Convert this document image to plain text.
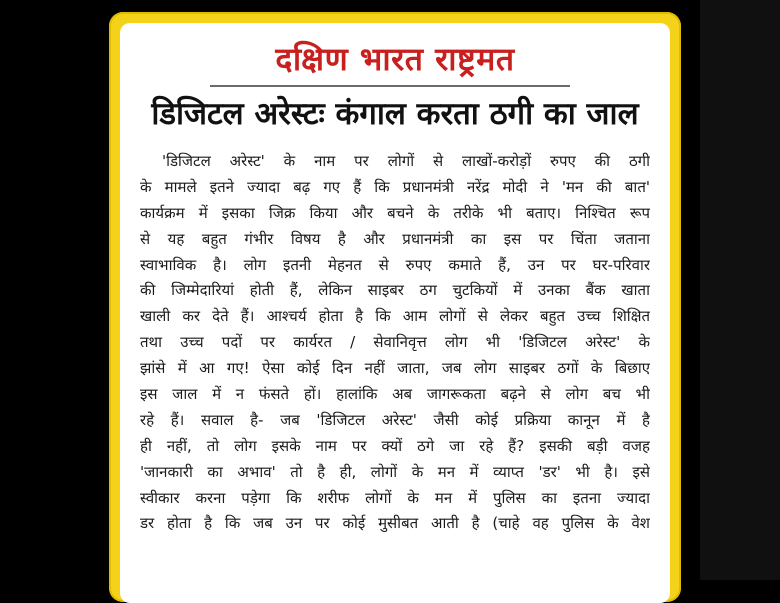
दक्षिण भारत राष्ट्रमत
डिजिटल अरेस्टः कंगाल करता ठगी का जाल
'डिजिटल अरेस्ट' के नाम पर लोगों से लाखों-करोड़ों रुपए की ठगी
के मामले इतने ज्यादा बढ़ गए हैं कि प्रधानमंत्री नरेंद्र मोदी ने 'मन की बात'
कार्यक्रम में इसका जिक्र किया और बचने के तरीके भी बताए। निश्चित रूप
से यह बहुत गंभीर विषय है और प्रधानमंत्री का इस पर चिंता जताना
स्वाभाविक है। लोग इतनी मेहनत से रुपए कमाते हैं, उन पर घर-परिवार
की जिम्मेदारियां होती हैं, लेकिन साइबर ठग चुटकियों में उनका बैंक खाता
खाली कर देते हैं। आश्चर्य होता है कि आम लोगों से लेकर बहुत उच्च शिक्षित
तथा उच्च पदों पर कार्यरत / सेवानिवृत्त लोग भी 'डिजिटल अरेस्ट' के
झांसे में आ गए! ऐसा कोई दिन नहीं जाता, जब लोग साइबर ठगों के बिछाए
इस जाल में न फंसते हों। हालांकि अब जागरूकता बढ़ने से लोग बच भी
रहे हैं। सवाल है- जब 'डिजिटल अरेस्ट' जैसी कोई प्रक्रिया कानून में है
ही नहीं, तो लोग इसके नाम पर क्यों ठगे जा रहे हैं? इसकी बड़ी वजह
'जानकारी का अभाव' तो है ही, लोगों के मन में व्याप्त 'डर' भी है। इसे
स्वीकार करना पड़ेगा कि शरीफ लोगों के मन में पुलिस का इतना ज्यादा
डर होता है कि जब उन पर कोई मुसीबत आती है (चाहे वह पुलिस के वेश
